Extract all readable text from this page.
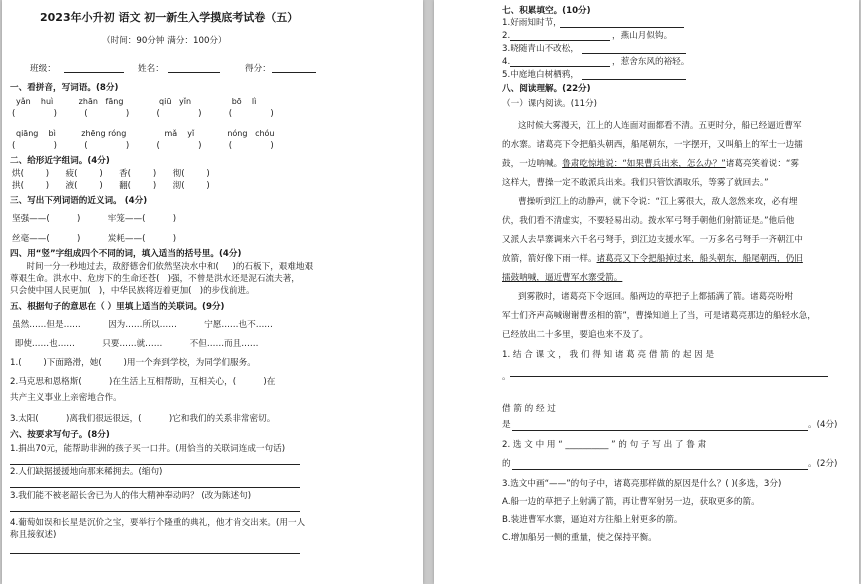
2023年小升初 语文 初一新生入学摸底考试卷（五）
（时间：90分钟 满分：100分）
班级：	姓名：	得分：
一、看拼音，写词语。(8分)
yǎn    huì          zhān   fāng              qiū   yǐn                bō    lì
(              )          (              )          (              )          (              )
qiāng    bì          zhēng róng               mǎ    yǐ             nóng   chóu
(              )          (              )          (              )          (              )
二、给形近字组词。(4分)
烘(        )      疲(        )      香(        )      彻(        )
拱(        )      液(        )      翻(        )      沏(        )
三、写出下列词语的近义词。 (4分)
坚强——(          )          牢笼——(          )
丝毫——(          )          炭耗——(          )
四、用“竖”字组成四个不同的词，填入适当的括号里。(4分)
时间一分一秒地过去，敌舒德舍们依然坚决水中和(     )的石板下，艰难地艰
尊艰生命。洪水中、危房下的生命还苍(   )强，不曾是洪水还是泥石流夫著，
只会使中国人民更加(   )，中华民族将迈着更加(   )的步伐前进。
五、根据句子的意思在（ ）里填上适当的关联词。(9分)
虽然……但是……          因为……所以……          宁愿……也不……
即使……也……          只要……就……          不但……而且……
1.(        )下面路滑，她(        )用一个奔到学校，为同学们服务。
2.马克思和恩格斯(          )在生活上互相帮助，互相关心，(          )在
共产主义事业上亲密地合作。
3.太阳(          )离我们很远很远，(          )它和我们的关系非常密切。
六、按要求写句子。(8分)
1.捐出70元，能帮助非洲的孩子买一口井。(用恰当的关联词连成一句话)
2.人们缺据援援地向那来稀拥去。(缩句)
3.我们能不被老韶长舍已为人的伟大精神奉动吗？ (改为陈述句)
4.葡萄如误和长星是沉价之宝，要举行个隆重的典礼，他才肯交出来。(用一人
称且接叙述)
七、积累填空。(10分)
1.好雨知时节，
2.	，燕山月似钩。
3.晓随青山不改松，
4.	，惹舍东风的裕轻。
5.中庭地白树栖鸦，
八、阅读理解。(22分)
（一）课内阅读。(11分)
这时候大雾漫天，江上的人连面对面都看不清。五更时分，船已经逼近曹军
的水寨。诸葛亮下令把船头朝西，船尾朝东，一字摆开，又叫船上的军士一边擂
鼓，一边呐喊。鲁肃吃惊地说：“如果曹兵出来，怎么办？”诸葛亮笑着说：“雾
这样大，曹操一定不敢派兵出来。我们只管饮酒取乐，等雾了就回去。”
曹操听到江上的动静声，就下令说：“江上雾很大，敌人忽然来攻，必有埋
伏，我们看不清虚实，不要轻易出动。拨水军弓弩手朝他们射箭证是。”他后他
又派人去旱寨调来六千名弓弩手，到江边支援水军。一万多名弓弩手一齐朝江中
放箭，箭好像下雨一样。诸葛亮又下令把船掉过来，船头朝东，船尾朝西，仍旧
擂鼓呐喊，逼近曹军水寨受箭。
到雾散时，诸葛亮下令返回。船两边的草把子上都插满了箭。诸葛亮吩咐
军士们齐声高喊谢谢曹丞相的箭”，曹操知道上了当，可是诸葛亮那边的船轻水急，
已经放出二十多里，要追也来不及了。
1. 结 合 课 文 ， 我 们 得 知 诸 葛 亮 借 箭 的 起 因 是
。
借 箭 的 经 过
是	。(4分)
2. 选 文 中 用 “ __________ ” 的 句 子 写 出 了 鲁 肃
的	。(2分)
3.选文中画“——”的句子中，诸葛亮那样做的原因是什么？( )(多选，3分)
A.船一边的草把子上射满了箭，再让曹军射另一边，获取更多的箭。
B.装进曹军水寨，逼迫对方往船上射更多的箭。
C.增加船另一侧的重量，使之保持平衡。
